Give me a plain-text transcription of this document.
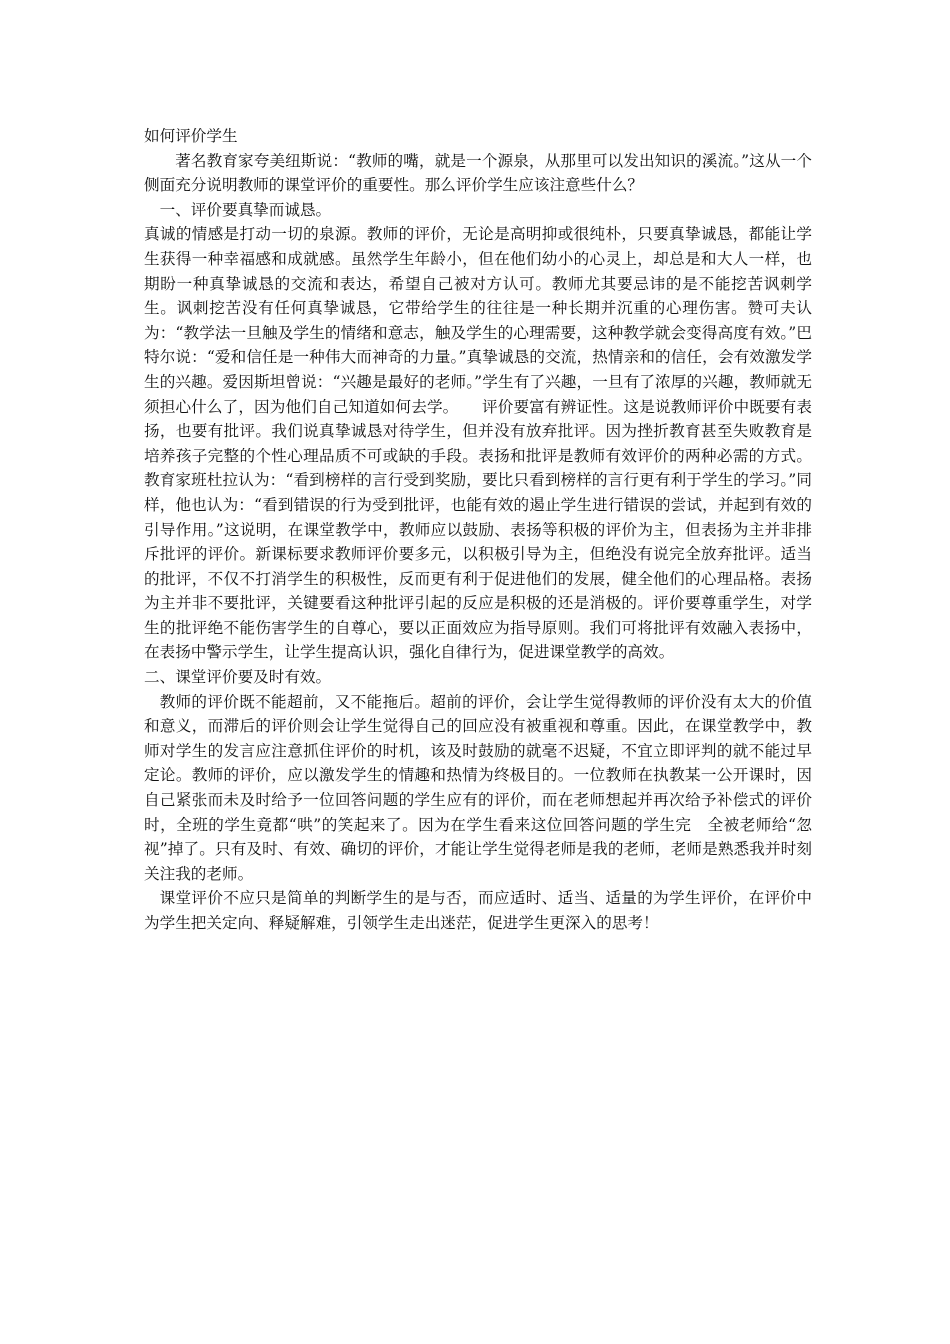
如何评价学生

著名教育家夸美纽斯说：“教师的嘴，就是一个源泉，从那里可以发出知识的溪流。”这从一个侧面充分说明教师的课堂评价的重要性。那么评价学生应该注意些什么？

一、评价要真挚而诚恳。

真诚的情感是打动一切的泉源。教师的评价，无论是高明抑或很纯朴，只要真挚诚恳，都能让学生获得一种幸福感和成就感。虽然学生年龄小，但在他们幼小的心灵上，却总是和大人一样，也期盼一种真挚诚恳的交流和表达，希望自己被对方认可。教师尤其要忌讳的是不能挖苦讽刺学生。讽刺挖苦没有任何真挚诚恳，它带给学生的往往是一种长期并沉重的心理伤害。赞可夫认为：“教学法一旦触及学生的情绪和意志，触及学生的心理需要，这种教学就会变得高度有效。”巴特尔说：“爱和信任是一种伟大而神奇的力量。”真挚诚恳的交流，热情亲和的信任，会有效激发学生的兴趣。爱因斯坦曾说：“兴趣是最好的老师。”学生有了兴趣，一旦有了浓厚的兴趣，教师就无须担心什么了，因为他们自己知道如何去学。　　评价要富有辨证性。这是说教师评价中既要有表扬，也要有批评。我们说真挚诚恳对待学生，但并没有放弃批评。因为挫折教育甚至失败教育是培养孩子完整的个性心理品质不可或缺的手段。表扬和批评是教师有效评价的两种必需的方式。教育家班杜拉认为：“看到榜样的言行受到奖励，要比只看到榜样的言行更有利于学生的学习。”同样，他也认为：“看到错误的行为受到批评，也能有效的遏止学生进行错误的尝试，并起到有效的引导作用。”这说明，在课堂教学中，教师应以鼓励、表扬等积极的评价为主，但表扬为主并非排斥批评的评价。新课标要求教师评价要多元，以积极引导为主，但绝没有说完全放弃批评。适当的批评，不仅不打消学生的积极性，反而更有利于促进他们的发展，健全他们的心理品格。表扬为主并非不要批评，关键要看这种批评引起的反应是积极的还是消极的。评价要尊重学生，对学生的批评绝不能伤害学生的自尊心，要以正面效应为指导原则。我们可将批评有效融入表扬中，在表扬中警示学生，让学生提高认识，强化自律行为，促进课堂教学的高效。

二、课堂评价要及时有效。

教师的评价既不能超前，又不能拖后。超前的评价，会让学生觉得教师的评价没有太大的价值和意义，而滞后的评价则会让学生觉得自己的回应没有被重视和尊重。因此，在课堂教学中，教师对学生的发言应注意抓住评价的时机，该及时鼓励的就毫不迟疑，不宜立即评判的就不能过早定论。教师的评价，应以激发学生的情趣和热情为终极目的。一位教师在执教某一公开课时，因自己紧张而未及时给予一位回答问题的学生应有的评价，而在老师想起并再次给予补偿式的评价时，全班的学生竟都“哄”的笑起来了。因为在学生看来这位回答问题的学生完　全被老师给“忽视”掉了。只有及时、有效、确切的评价，才能让学生觉得老师是我的老师，老师是熟悉我并时刻关注我的老师。

课堂评价不应只是简单的判断学生的是与否，而应适时、适当、适量的为学生评价，在评价中为学生把关定向、释疑解难，引领学生走出迷茫，促进学生更深入的思考！
